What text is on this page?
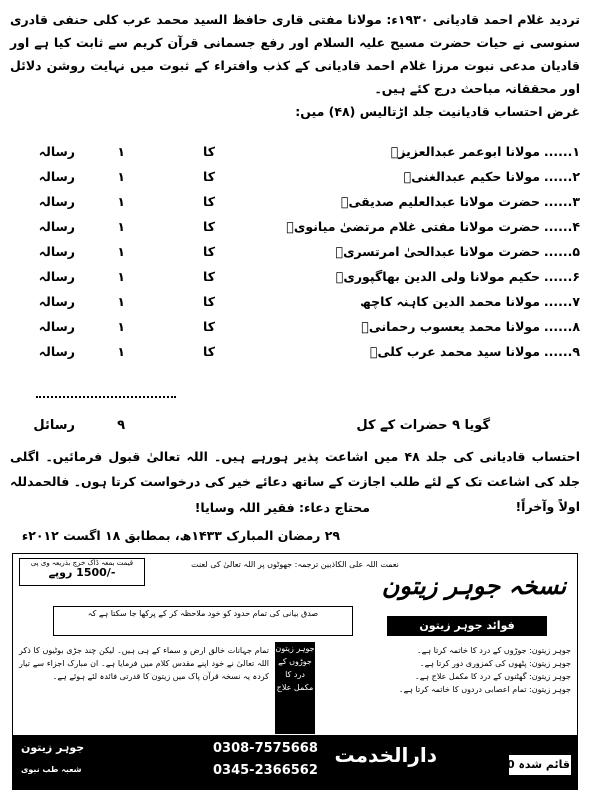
تردید غلام احمد قادیانی ۱۹۳۰ء: مولانا مفتی قاری حافظ السید محمد عرب کلی حنفی قادری سنوسی نے حیات حضرت مسیح علیہ السلام اور رفع جسمانی قرآن کریم سے ثابت کیا ہے اور قادیان مدعی نبوت مرزا غلام احمد قادیانی کے کذب وافتراء کے ثبوت میں نہایت روشن دلائل اور محققانہ مباحث درج کئے ہیں۔
غرض احتساب قادیانیت جلد اڑتالیس (۴۸) میں:
۱......
مولانا ابوعمر عبدالعزیزؒ
کا
۱
رسالہ
۲......
مولانا حکیم عبدالغنیؒ
کا
۱
رسالہ
۳......
حضرت مولانا عبدالعلیم صدیقیؒ
کا
۱
رسالہ
۴......
حضرت مولانا مفتی غلام مرتضیٰ میانویؒ
کا
۱
رسالہ
۵......
حضرت مولانا عبدالحیٰ امرتسریؒ
کا
۱
رسالہ
۶......
حکیم مولانا ولی الدین بھاگپوریؒ
کا
۱
رسالہ
۷......
مولانا محمد الدین کاہنہ کاچھ
کا
۱
رسالہ
۸......
مولانا محمد یعسوب رحمانیؒ
کا
۱
رسالہ
۹......
مولانا سید محمد عرب کلیؒ
کا
۱
رسالہ
گویا ۹ حضرات کے کل
۹
رسائل
احتساب قادیانی کی جلد ۴۸ میں اشاعت پذیر ہورہے ہیں۔ اللہ تعالیٰ قبول فرمائیں۔ اگلی جلد کی اشاعت تک کے لئے طلب اجازت کے ساتھ دعائے خیر کی درخواست کرتا ہوں۔ فالحمدللہ اولاً وآخراً!
محتاج دعاء: فقیر اللہ وسایا!
۲۹ رمضان المبارک ۱۴۳۳ھ، بمطابق ۱۸ اگست ۲۰۱۲ء
نعمت اللہ علی الکاذبین ترجمہ: جھوٹوں پر اللہ تعالیٰ کی لعنت
قیمت بمعہ ڈاک خرچ بذریعہ وی پی
-/1500 روپے	نسخہ جوہر زیتون
فوائد جوہر زیتون
صدق بیانی کی تمام حدود کو خود ملاحظہ کر کے پرکھا جا سکتا ہے کہ
تمام جہانات خالق ارض و سماء کے ہی ہیں۔ لیکن چند جڑی بوٹیوں کا ذکر اللہ تعالیٰ نے خود اپنے مقدس کلام میں فرمایا ہے۔ ان مبارک اجزاء سے تیار کردہ یہ نسخہ قرآن پاک میں زیتون کا قدرتی فائدہ لئے ہوئے ہے۔
جوہر زیتون جوڑوں کے درد کا مکمل علاج
جوہر زیتون: جوڑوں کے درد کا خاتمہ کرتا ہے۔
جوہر زیتون: پٹھوں کی کمزوری دور کرتا ہے۔
جوہر زیتون: گھٹنوں کے درد کا مکمل علاج ہے۔
جوہر زیتون: تمام اعصابی دردوں کا خاتمہ کرتا ہے۔
دارالخدمت	قائم شدہ 1950
0308-7575668
0345-2366562
جوہر زیتون
شعبہ طب نبوی
